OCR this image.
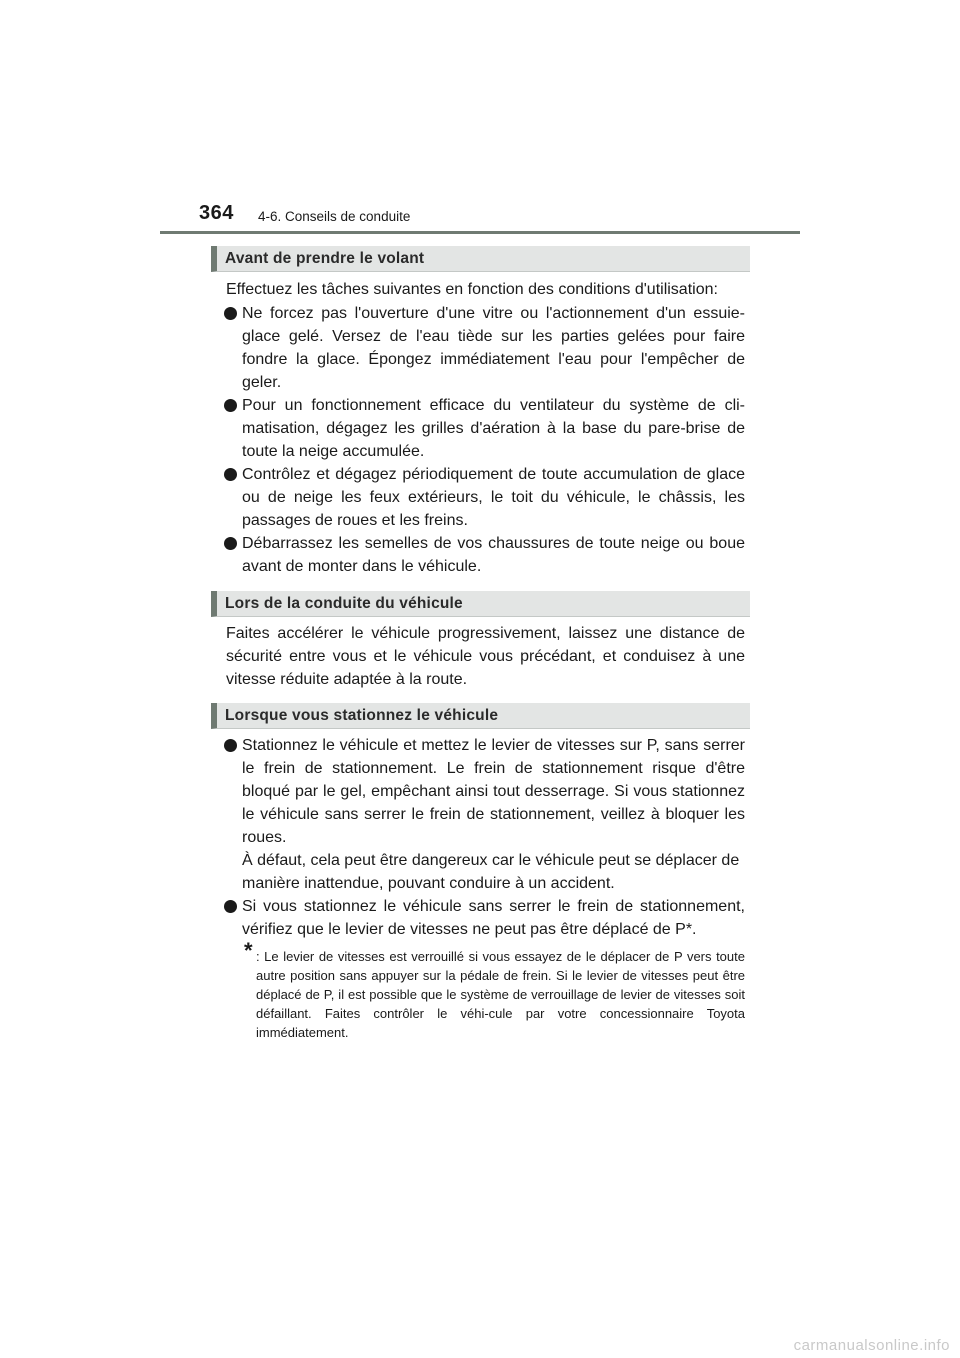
364 4-6. Conseils de conduite
Avant de prendre le volant

Effectuez les tâches suivantes en fonction des conditions d'utilisation:

Ne forcez pas l'ouverture d'une vitre ou l'actionnement d'un essuie-glace gelé. Versez de l'eau tiède sur les parties gelées pour faire fondre la glace. Épongez immédiatement l'eau pour l'empêcher de geler.

Pour un fonctionnement efficace du ventilateur du système de cli-matisation, dégagez les grilles d'aération à la base du pare-brise de toute la neige accumulée.

Contrôlez et dégagez périodiquement de toute accumulation de glace ou de neige les feux extérieurs, le toit du véhicule, le châssis, les passages de roues et les freins.

Débarrassez les semelles de vos chaussures de toute neige ou boue avant de monter dans le véhicule.

Lors de la conduite du véhicule

Faites accélérer le véhicule progressivement, laissez une distance de sécurité entre vous et le véhicule vous précédant, et conduisez à une vitesse réduite adaptée à la route.

Lorsque vous stationnez le véhicule

Stationnez le véhicule et mettez le levier de vitesses sur P, sans serrer le frein de stationnement. Le frein de stationnement risque d'être bloqué par le gel, empêchant ainsi tout desserrage. Si vous stationnez le véhicule sans serrer le frein de stationnement, veillez à bloquer les roues.

À défaut, cela peut être dangereux car le véhicule peut se déplacer de manière inattendue, pouvant conduire à un accident.

Si vous stationnez le véhicule sans serrer le frein de stationnement, vérifiez que le levier de vitesses ne peut pas être déplacé de P*.

* : Le levier de vitesses est verrouillé si vous essayez de le déplacer de P vers toute autre position sans appuyer sur la pédale de frein. Si le levier de vitesses peut être déplacé de P, il est possible que le système de verrouillage de levier de vitesses soit défaillant. Faites contrôler le véhi-cule par votre concessionnaire Toyota immédiatement.
carmanualsonline.info
